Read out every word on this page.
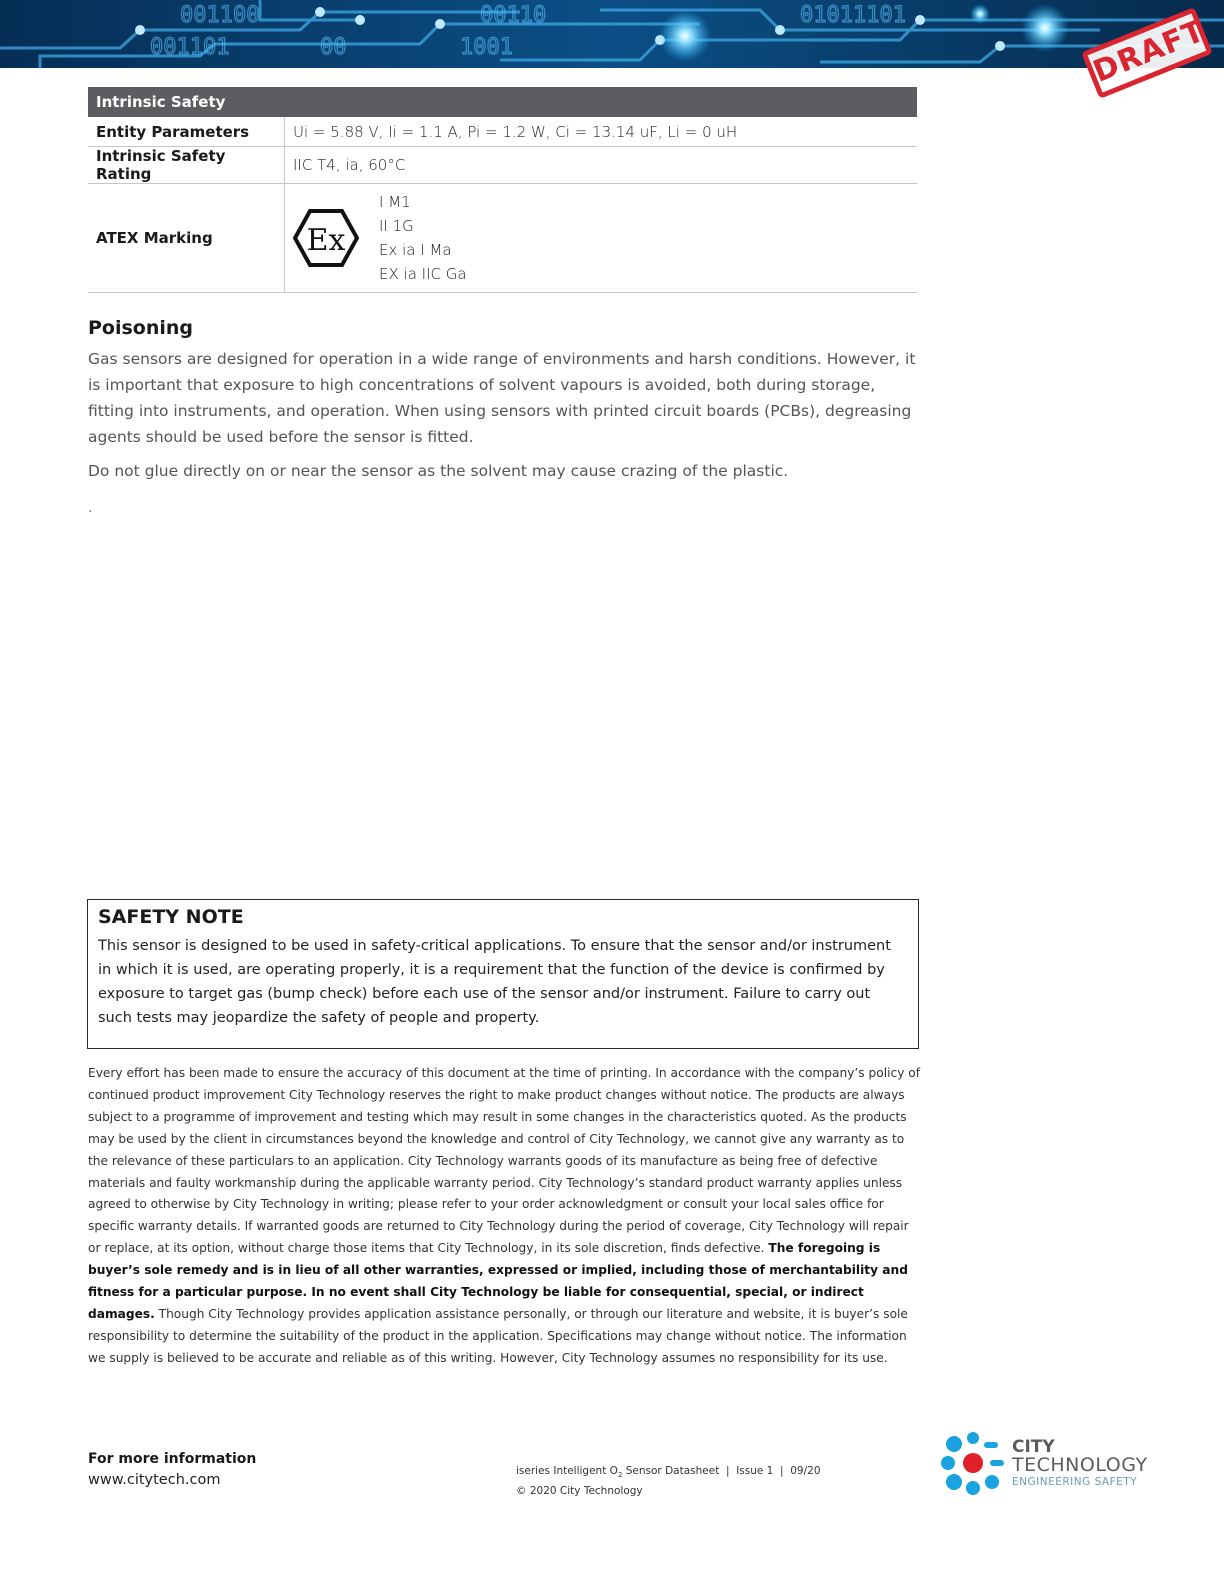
001101	00	1001
001100	00110	01011101	DRAFT
Intrinsic Safety	
Entity Parameters	Ui = 5.88 V, Ii = 1.1 A, Pi = 1.2 W, Ci = 13.14 uF, Li = 0 uH
Intrinsic Safety Rating	IIC T4, ia, 60°C
ATEX Marking	Ex
I M1
II 1G
Ex ia I Ma
EX ia IIC Ga
Poisoning

Gas sensors are designed for operation in a wide range of environments and harsh conditions. However, it is important that exposure to high concentrations of solvent vapours is avoided, both during storage, fitting into instruments, and operation. When using sensors with printed circuit boards (PCBs), degreasing agents should be used before the sensor is fitted.

Do not glue directly on or near the sensor as the solvent may cause crazing of the plastic.

.
SAFETY NOTE

This sensor is designed to be used in safety-critical applications. To ensure that the sensor and/or instrument in which it is used, are operating properly, it is a requirement that the function of the device is confirmed by exposure to target gas (bump check) before each use of the sensor and/or instrument. Failure to carry out such tests may jeopardize the safety of people and property.

Every effort has been made to ensure the accuracy of this document at the time of printing. In accordance with the company’s policy of continued product improvement City Technology reserves the right to make product changes without notice. The products are always subject to a programme of improvement and testing which may result in some changes in the characteristics quoted. As the products may be used by the client in circumstances beyond the knowledge and control of City Technology, we cannot give any warranty as to the relevance of these particulars to an application. City Technology warrants goods of its manufacture as being free of defective materials and faulty workmanship during the applicable warranty period. City Technology’s standard product warranty applies unless agreed to otherwise by City Technology in writing; please refer to your order acknowledgment or consult your local sales office for specific warranty details. If warranted goods are returned to City Technology during the period of coverage, City Technology will repair or replace, at its option, without charge those items that City Technology, in its sole discretion, finds defective. The foregoing is buyer’s sole remedy and is in lieu of all other warranties, expressed or implied, including those of merchantability and fitness for a particular purpose. In no event shall City Technology be liable for consequential, special, or indirect damages. Though City Technology provides application assistance personally, or through our literature and website, it is buyer’s sole responsibility to determine the suitability of the product in the application. Specifications may change without notice. The information we supply is believed to be accurate and reliable as of this writing. However, City Technology assumes no responsibility for its use.

For more information
www.citytech.com
iseries Intelligent $O_2$ Sensor Datasheet  |  Issue 1  |  09/20
© 2020 City Technology
CITY
TECHNOLOGY
ENGINEERING SAFETY
